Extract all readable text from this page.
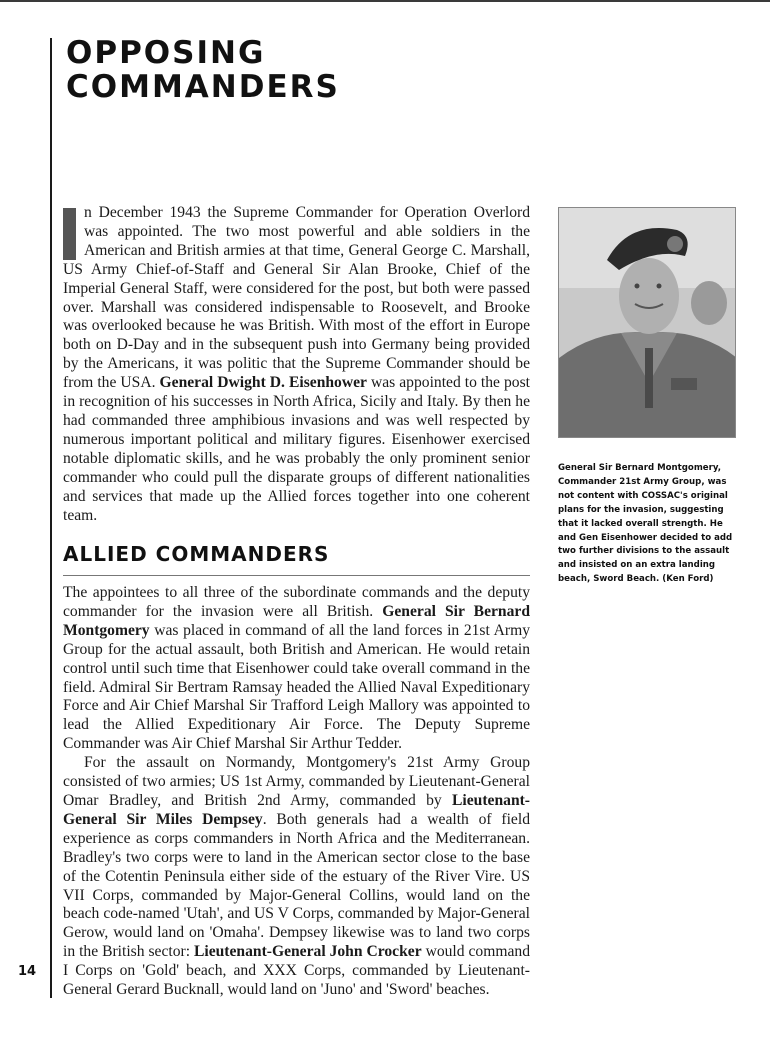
OPPOSING
COMMANDERS

n December 1943 the Supreme Commander for Operation Overlord was appointed. The two most powerful and able soldiers in the American and British armies at that time, General George C. Marshall, US Army Chief-of-Staff and General Sir Alan Brooke, Chief of the Imperial General Staff, were considered for the post, but both were passed over. Marshall was considered indispensable to Roosevelt, and Brooke was overlooked because he was British. With most of the effort in Europe both on D-Day and in the subsequent push into Germany being provided by the Americans, it was politic that the Supreme Commander should be from the USA. General Dwight D. Eisenhower was appointed to the post in recognition of his successes in North Africa, Sicily and Italy. By then he had commanded three amphibious invasions and was well respected by numerous important political and military figures. Eisenhower exercised notable diplomatic skills, and he was probably the only prominent senior commander who could pull the disparate groups of different nationalities and services that made up the Allied forces together into one coherent team.

ALLIED COMMANDERS

The appointees to all three of the subordinate commands and the deputy commander for the invasion were all British. General Sir Bernard Montgomery was placed in command of all the land forces in 21st Army Group for the actual assault, both British and American. He would retain control until such time that Eisenhower could take overall command in the field. Admiral Sir Bertram Ramsay headed the Allied Naval Expeditionary Force and Air Chief Marshal Sir Trafford Leigh Mallory was appointed to lead the Allied Expeditionary Air Force. The Deputy Supreme Commander was Air Chief Marshal Sir Arthur Tedder.

For the assault on Normandy, Montgomery's 21st Army Group consisted of two armies; US 1st Army, commanded by Lieutenant-General Omar Bradley, and British 2nd Army, commanded by Lieutenant-General Sir Miles Dempsey. Both generals had a wealth of field experience as corps commanders in North Africa and the Mediterranean. Bradley's two corps were to land in the American sector close to the base of the Cotentin Peninsula either side of the estuary of the River Vire. US VII Corps, commanded by Major-General Collins, would land on the beach code-named 'Utah', and US V Corps, commanded by Major-General Gerow, would land on 'Omaha'. Dempsey likewise was to land two corps in the British sector: Lieutenant-General John Crocker would command I Corps on 'Gold' beach, and XXX Corps, commanded by Lieutenant-General Gerard Bucknall, would land on 'Juno' and 'Sword' beaches.

General Sir Bernard Montgomery, Commander 21st Army Group, was not content with COSSAC's original plans for the invasion, suggesting that it lacked overall strength. He and Gen Eisenhower decided to add two further divisions to the assault and insisted on an extra landing beach, Sword Beach. (Ken Ford)

14
